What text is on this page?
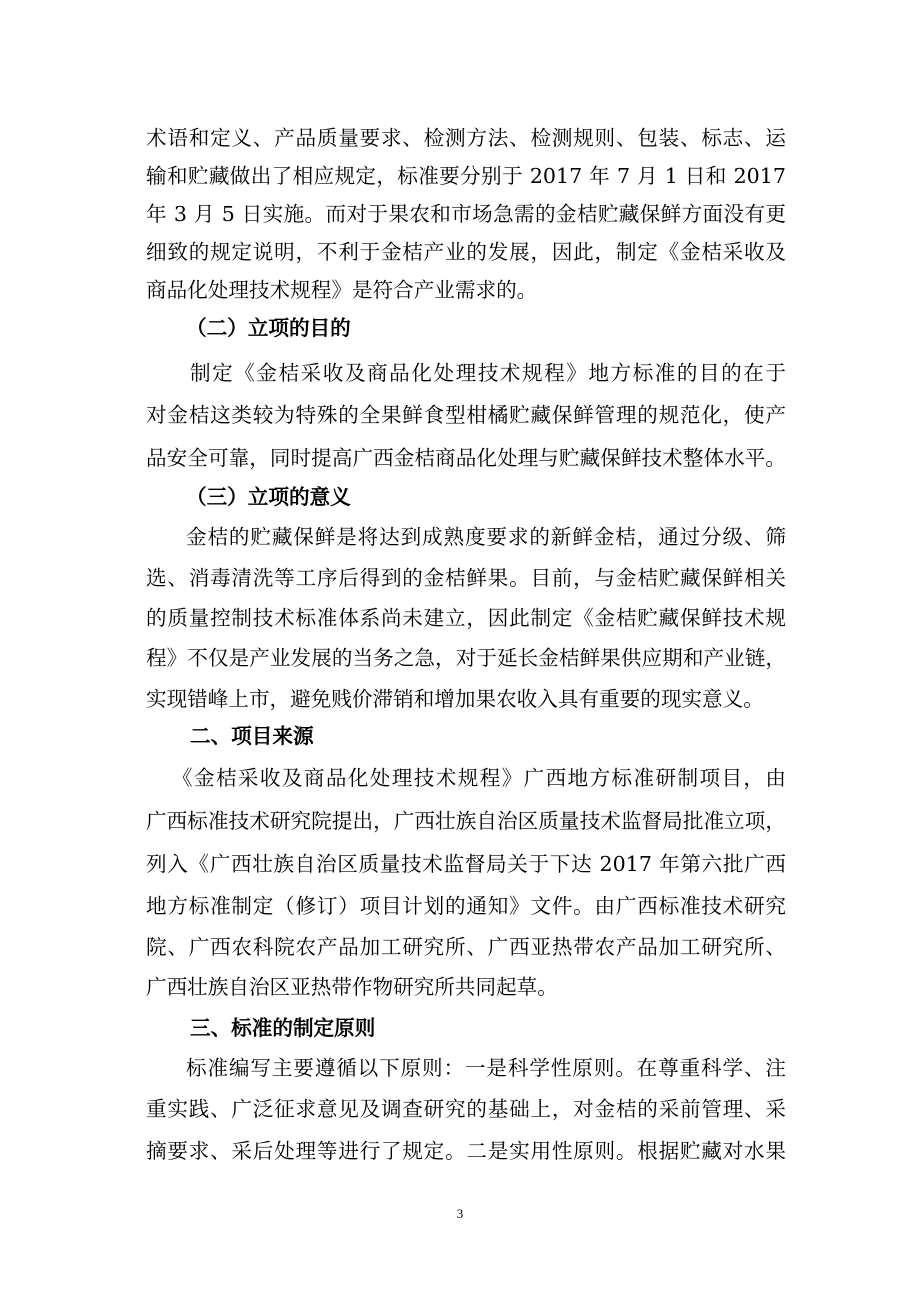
术语和定义、产品质量要求、检测方法、检测规则、包装、标志、运
输和贮藏做出了相应规定，标准要分别于 2017 年 7 月 1 日和 2017
年 3 月 5 日实施。而对于果农和市场急需的金桔贮藏保鲜方面没有更
细致的规定说明，不利于金桔产业的发展，因此，制定《金桔采收及
商品化处理技术规程》是符合产业需求的。
（二）立项的目的
制定《金桔采收及商品化处理技术规程》地方标准的目的在于
对金桔这类较为特殊的全果鲜食型柑橘贮藏保鲜管理的规范化，使产
品安全可靠，同时提高广西金桔商品化处理与贮藏保鲜技术整体水平。
（三）立项的意义
金桔的贮藏保鲜是将达到成熟度要求的新鲜金桔，通过分级、筛
选、消毒清洗等工序后得到的金桔鲜果。目前，与金桔贮藏保鲜相关
的质量控制技术标准体系尚未建立，因此制定《金桔贮藏保鲜技术规
程》不仅是产业发展的当务之急，对于延长金桔鲜果供应期和产业链，
实现错峰上市，避免贱价滞销和增加果农收入具有重要的现实意义。
二、项目来源
《金桔采收及商品化处理技术规程》广西地方标准研制项目，由
广西标准技术研究院提出，广西壮族自治区质量技术监督局批准立项，
列入《广西壮族自治区质量技术监督局关于下达 2017 年第六批广西
地方标准制定（修订）项目计划的通知》文件。由广西标准技术研究
院、广西农科院农产品加工研究所、广西亚热带农产品加工研究所、
广西壮族自治区亚热带作物研究所共同起草。
三、标准的制定原则
标准编写主要遵循以下原则：一是科学性原则。在尊重科学、注
重实践、广泛征求意见及调查研究的基础上，对金桔的采前管理、采
摘要求、采后处理等进行了规定。二是实用性原则。根据贮藏对水果
3
